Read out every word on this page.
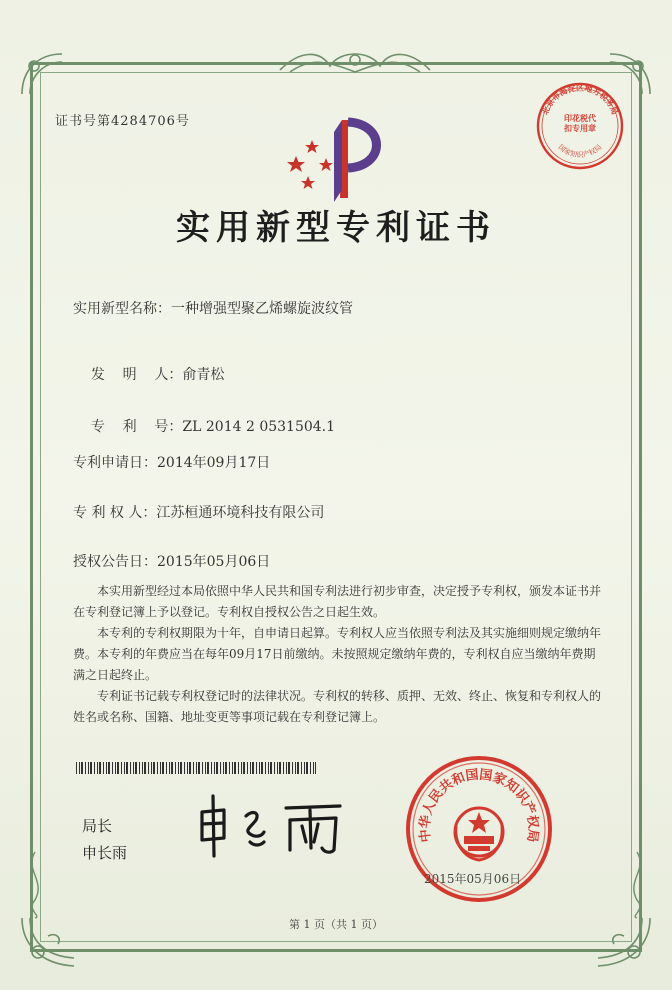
证书号第4284706号
实用新型专利证书
实用新型名称：一种增强型聚乙烯螺旋波纹管

发    明    人：俞青松

专    利    号：ZL 2014 2 0531504.1

专利申请日：2014年09月17日
专 利 权 人：江苏桓通环境科技有限公司
授权公告日：2015年05月06日

本实用新型经过本局依照中华人民共和国专利法进行初步审查，决定授予专利权，颁发本证书并在专利登记簿上予以登记。专利权自授权公告之日起生效。

本专利的专利权期限为十年，自申请日起算。专利权人应当依照专利法及其实施细则规定缴纳年费。本专利的年费应当在每年09月17日前缴纳。未按照规定缴纳年费的，专利权自应当缴纳年费期满之日起终止。

专利证书记载专利权登记时的法律状况。专利权的转移、质押、无效、终止、恢复和专利权人的姓名或名称、国籍、地址变更等事项记载在专利登记簿上。

局长
申长雨
中华人民共和国国家知识产权局
2015年05月06日
北京市海淀区地方税务局
国家知识产权局
印花税代扣专用章
第 1 页（共 1 页）
